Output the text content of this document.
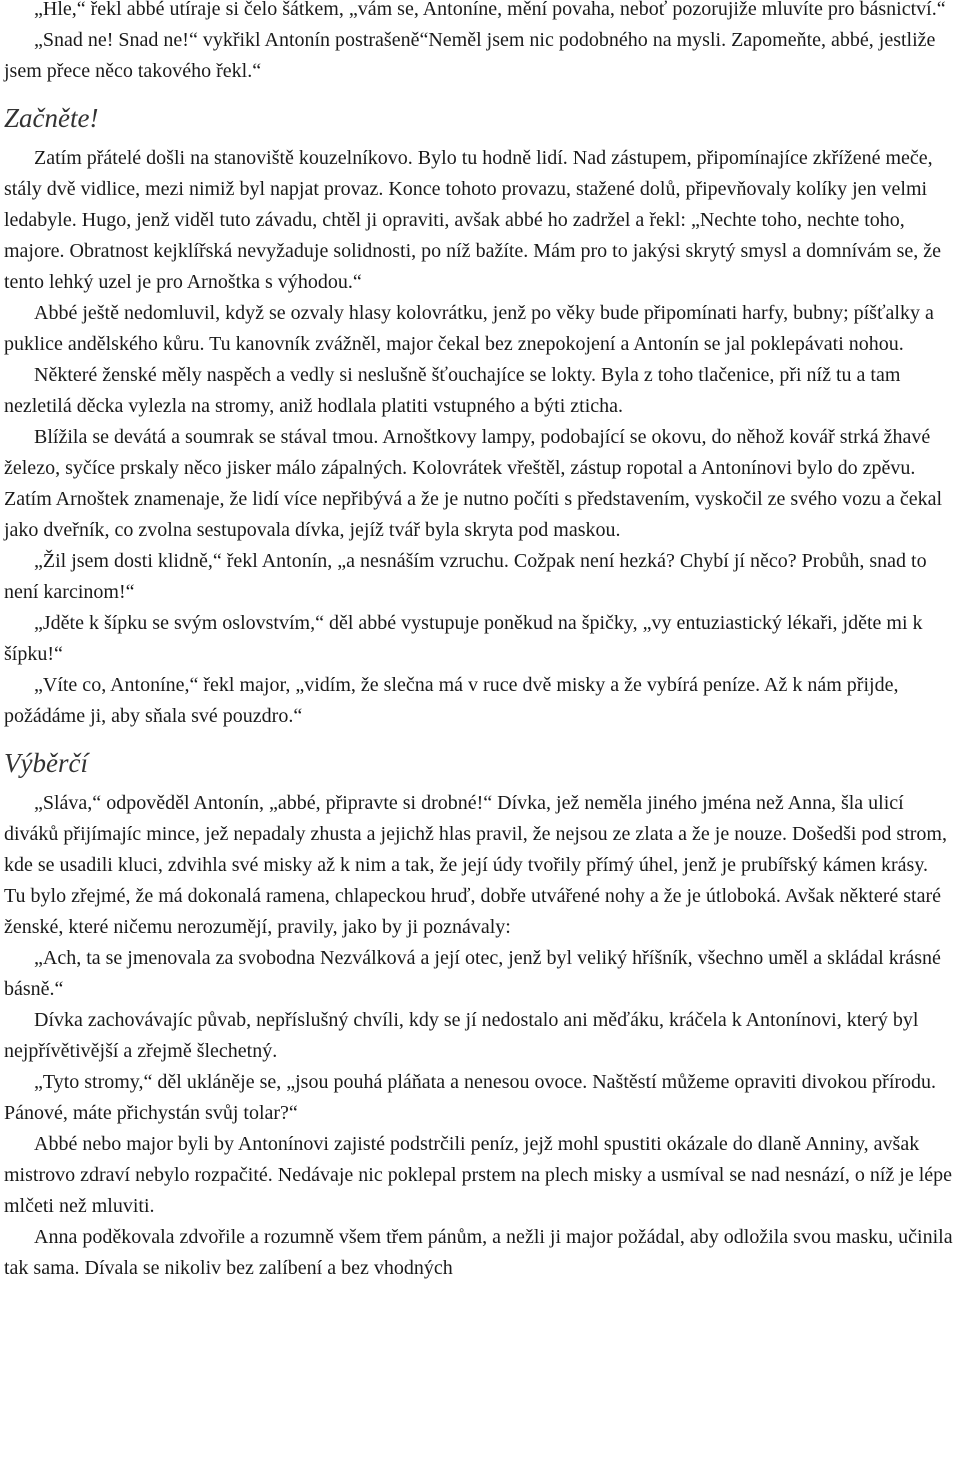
„Hle,“ řekl abbé utíraje si čelo šátkem, „vám se, Antoníne, mění povaha, neboť pozorujiže mluvíte pro básnictví.“

„Snad ne! Snad ne!“ vykřikl Antonín postrašeně“Neměl jsem nic podobného na mysli. Zapomeňte, abbé, jestliže jsem přece něco takového řekl.“

Začněte!

Zatím přátelé došli na stanoviště kouzelníkovo. Bylo tu hodně lidí. Nad zástupem, připomínajíce zkřížené meče, stály dvě vidlice, mezi nimiž byl napjat provaz. Konce tohoto provazu, stažené dolů, připevňovaly kolíky jen velmi ledabyle. Hugo, jenž viděl tuto závadu, chtěl ji opraviti, avšak abbé ho zadržel a řekl: „Nechte toho, nechte toho, majore. Obratnost kejklířská nevyžaduje solidnosti, po níž bažíte. Mám pro to jakýsi skrytý smysl a domnívám se, že tento lehký uzel je pro Arnoštka s výhodou.“

Abbé ještě nedomluvil, když se ozvaly hlasy kolovrátku, jenž po věky bude připomínati harfy, bubny; píšťalky a puklice andělského kůru. Tu kanovník zvážněl, major čekal bez znepokojení a Antonín se jal poklepávati nohou.

Některé ženské měly naspěch a vedly si neslušně šťouchajíce se lokty. Byla z toho tlačenice, při níž tu a tam nezletilá děcka vylezla na stromy, aniž hodlala platiti vstupného a býti zticha.

Blížila se devátá a soumrak se stával tmou. Arnoštkovy lampy, podobající se okovu, do něhož kovář strká žhavé železo, syčíce prskaly něco jisker málo zápalných. Kolovrátek vřeštěl, zástup ropotal a Antonínovi bylo do zpěvu. Zatím Arnoštek znamenaje, že lidí více nepřibývá a že je nutno počíti s představením, vyskočil ze svého vozu a čekal jako dveřník, co zvolna sestupovala dívka, jejíž tvář byla skryta pod maskou.

„Žil jsem dosti klidně,“ řekl Antonín, „a nesnáším vzruchu. Cožpak není hezká? Chybí jí něco? Probůh, snad to není karcinom!“

„Jděte k šípku se svým oslovstvím,“ děl abbé vystupuje poněkud na špičky, „vy entuziastický lékaři, jděte mi k šípku!“

„Víte co, Antoníne,“ řekl major, „vidím, že slečna má v ruce dvě misky a že vybírá peníze. Až k nám přijde, požádáme ji, aby sňala své pouzdro.“

Výběrčí

„Sláva,“ odpověděl Antonín, „abbé, připravte si drobné!“ Dívka, jež neměla jiného jména než Anna, šla ulicí diváků přijímajíc mince, jež nepadaly zhusta a jejichž hlas pravil, že nejsou ze zlata a že je nouze. Došedši pod strom, kde se usadili kluci, zdvihla své misky až k nim a tak, že její údy tvořily přímý úhel, jenž je prubířský kámen krásy. Tu bylo zřejmé, že má dokonalá ramena, chlapeckou hruď, dobře utvářené nohy a že je útloboká. Avšak některé staré ženské, které ničemu nerozumějí, pravily, jako by ji poznávaly:

„Ach, ta se jmenovala za svobodna Nezválková a její otec, jenž byl veliký hříšník, všechno uměl a skládal krásné básně.“

Dívka zachovávajíc půvab, nepříslušný chvíli, kdy se jí nedostalo ani měďáku, kráčela k Antonínovi, který byl nejpřívětivější a zřejmě šlechetný.

„Tyto stromy,“ děl ukláněje se, „jsou pouhá pláňata a nenesou ovoce. Naštěstí můžeme opraviti divokou přírodu. Pánové, máte přichystán svůj tolar?“

Abbé nebo major byli by Antonínovi zajisté podstrčili peníz, jejž mohl spustiti okázale do dlaně Anniny, avšak mistrovo zdraví nebylo rozpačité. Nedávaje nic poklepal prstem na plech misky a usmíval se nad nesnází, o níž je lépe mlčeti než mluviti.

Anna poděkovala zdvořile a rozumně všem třem pánům, a nežli ji major požádal, aby odložila svou masku, učinila tak sama. Dívala se nikoliv bez zalíbení a bez vhodných
